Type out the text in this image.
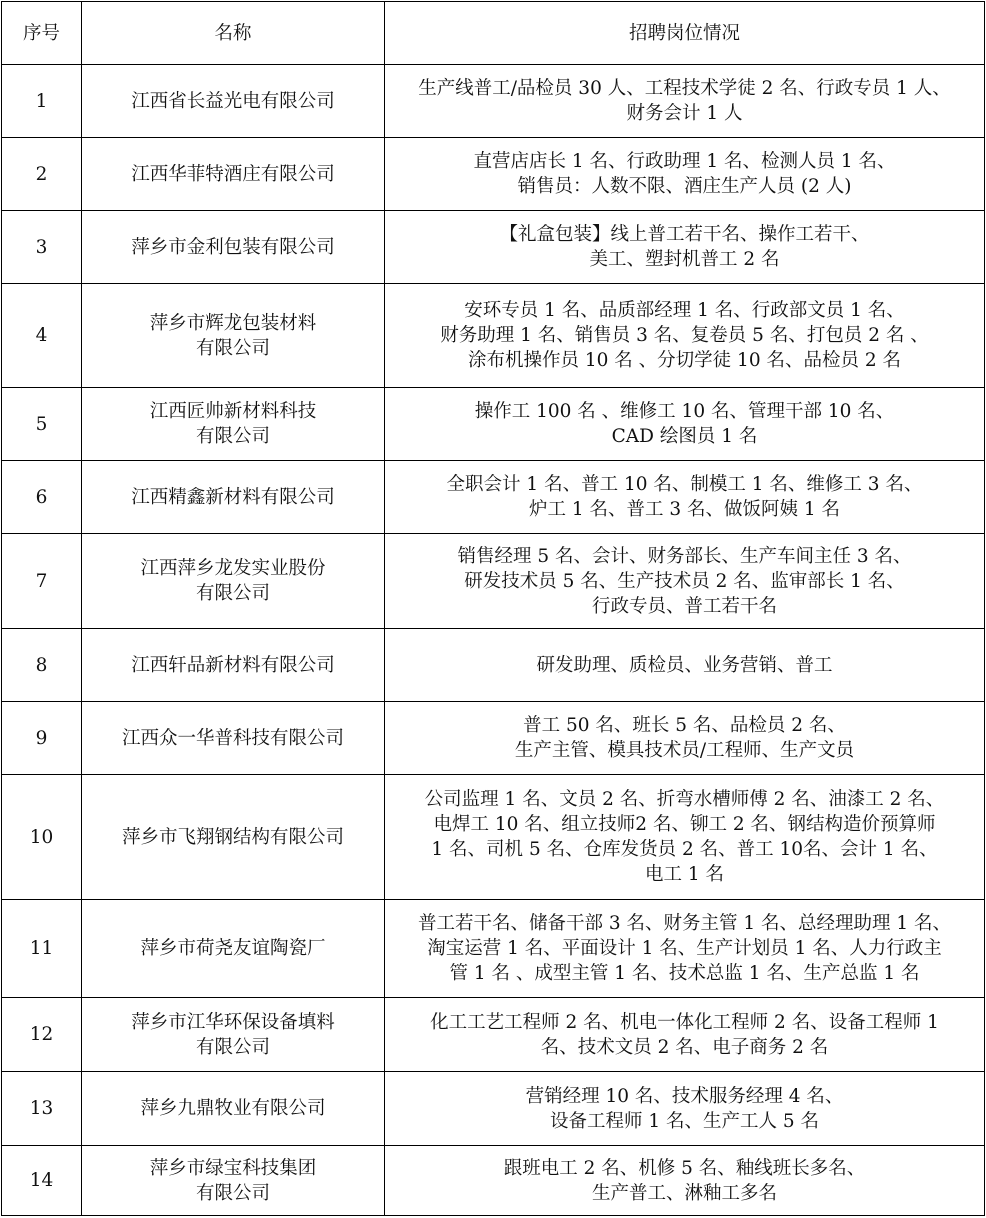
序号	名称	招聘岗位情况
1	江西省长益光电有限公司	生产线普工/品检员 30 人、工程技术学徒 2 名、行政专员 1 人、
财务会计 1 人
2	江西华菲特酒庄有限公司	直营店店长 1 名、行政助理 1 名、检测人员 1 名、
销售员：人数不限、酒庄生产人员 (2 人)
3	萍乡市金利包装有限公司	【礼盒包装】线上普工若干名、操作工若干、
美工、塑封机普工 2 名
4	萍乡市辉龙包装材料
有限公司	安环专员 1 名、品质部经理 1 名、行政部文员 1 名、
财务助理 1 名、销售员 3 名、复卷员 5 名、打包员 2 名 、
涂布机操作员 10 名 、分切学徒 10 名、品检员 2 名
5	江西匠帅新材料科技
有限公司	操作工 100 名 、维修工 10 名、管理干部 10 名、
CAD 绘图员 1 名
6	江西精鑫新材料有限公司	全职会计 1 名、普工 10 名、制模工 1 名、维修工 3 名、
炉工 1 名、普工 3 名、做饭阿姨 1 名
7	江西萍乡龙发实业股份
有限公司	销售经理 5 名、会计、财务部长、生产车间主任 3 名、
研发技术员 5 名、生产技术员 2 名、监审部长 1 名、
行政专员、普工若干名
8	江西轩品新材料有限公司	研发助理、质检员、业务营销、普工
9	江西众一华普科技有限公司	普工 50 名、班长 5 名、品检员 2 名、
生产主管、模具技术员/工程师、生产文员
10	萍乡市飞翔钢结构有限公司	公司监理 1 名、文员 2 名、折弯水槽师傅 2 名、油漆工 2 名、
电焊工 10 名、组立技师2 名、铆工 2 名、钢结构造价预算师
1 名、司机 5 名、仓库发货员 2 名、普工 10名、会计 1 名、
电工 1 名
11	萍乡市荷尧友谊陶瓷厂	普工若干名、储备干部 3 名、财务主管 1 名、总经理助理 1 名、
淘宝运营 1 名、平面设计 1 名、生产计划员 1 名、人力行政主
管 1 名 、成型主管 1 名、技术总监 1 名、生产总监 1 名
12	萍乡市江华环保设备填料
有限公司	化工工艺工程师 2 名、机电一体化工程师 2 名、设备工程师 1
名、技术文员 2 名、电子商务 2 名
13	萍乡九鼎牧业有限公司	营销经理 10 名、技术服务经理 4 名、
设备工程师 1 名、生产工人 5 名
14	萍乡市绿宝科技集团
有限公司	跟班电工 2 名、机修 5 名、釉线班长多名、
生产普工、淋釉工多名
